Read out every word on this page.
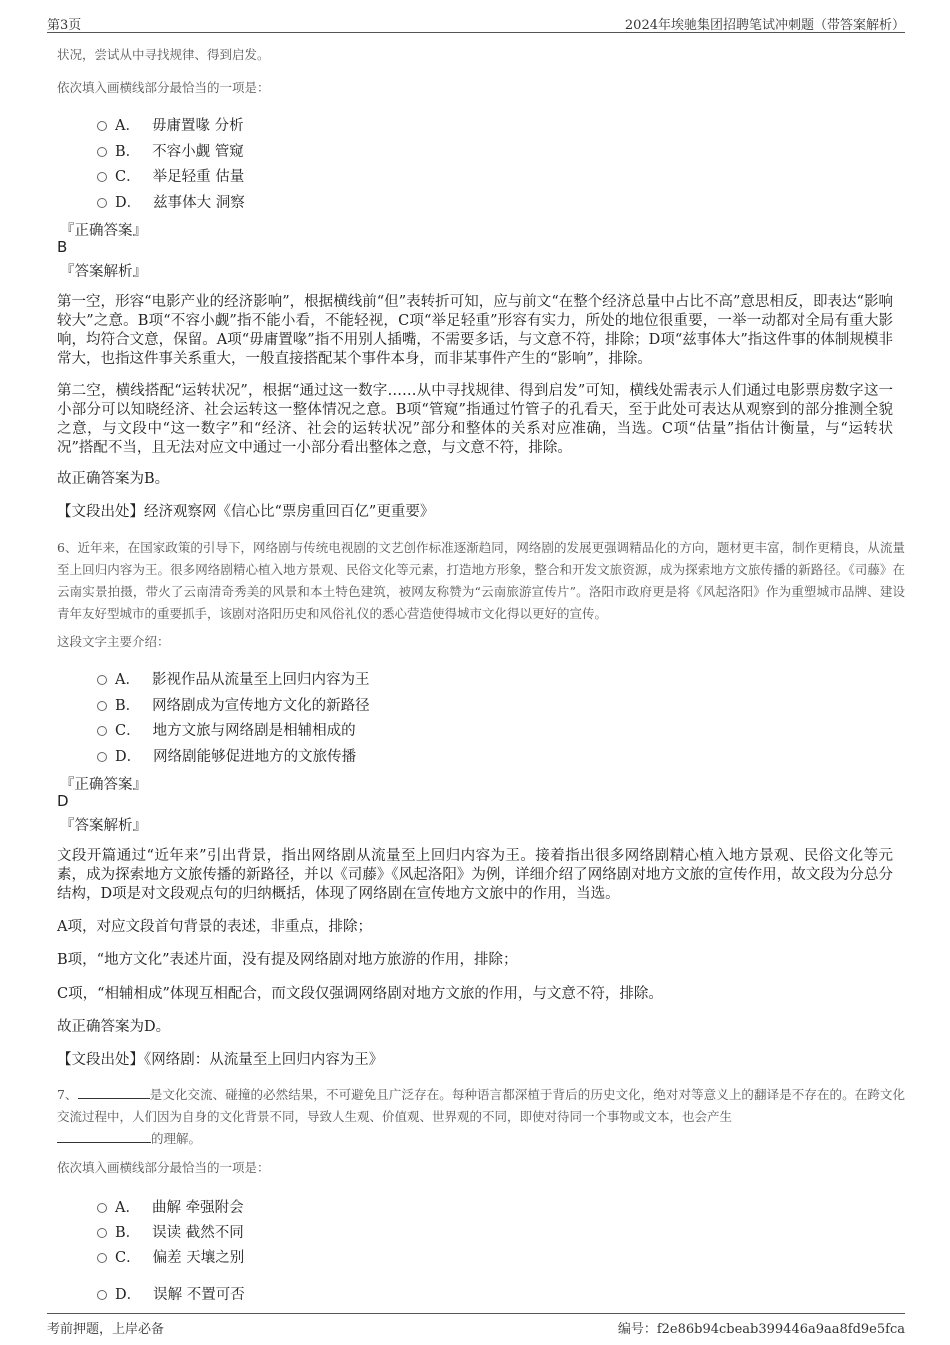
第3页	2024年埃驰集团招聘笔试冲刺题（带答案解析）
状况，尝试从中寻找规律、得到启发。
依次填入画横线部分最恰当的一项是：
A． 毋庸置喙 分析
B． 不容小觑 管窥
C． 举足轻重 估量
D． 兹事体大 洞察
『正确答案』
B
『答案解析』
第一空，形容“电影产业的经济影响”，根据横线前“但”表转折可知，应与前文“在整个经济总量中占比不高”意思相反，即表达“影响较大”之意。B项“不容小觑”指不能小看，不能轻视，C项“举足轻重”形容有实力，所处的地位很重要，一举一动都对全局有重大影响，均符合文意，保留。A项“毋庸置喙”指不用别人插嘴，不需要多话，与文意不符，排除；D项“兹事体大”指这件事的体制规模非常大，也指这件事关系重大，一般直接搭配某个事件本身，而非某事件产生的“影响”，排除。
第二空，横线搭配“运转状况”，根据“通过这一数字……从中寻找规律、得到启发”可知，横线处需表示人们通过电影票房数字这一小部分可以知晓经济、社会运转这一整体情况之意。B项“管窥”指通过竹管子的孔看天，至于此处可表达从观察到的部分推测全貌之意，与文段中“这一数字”和“经济、社会的运转状况”部分和整体的关系对应准确，当选。C项“估量”指估计衡量，与“运转状况”搭配不当，且无法对应文中通过一小部分看出整体之意，与文意不符，排除。
故正确答案为B。
【文段出处】经济观察网《信心比“票房重回百亿”更重要》
6、近年来，在国家政策的引导下，网络剧与传统电视剧的文艺创作标准逐渐趋同，网络剧的发展更强调精品化的方向，题材更丰富，制作更精良，从流量至上回归内容为王。很多网络剧精心植入地方景观、民俗文化等元素，打造地方形象，整合和开发文旅资源，成为探索地方文旅传播的新路径。《司藤》在云南实景拍摄，带火了云南清奇秀美的风景和本土特色建筑，被网友称赞为“云南旅游宣传片”。洛阳市政府更是将《风起洛阳》作为重塑城市品牌、建设青年友好型城市的重要抓手，该剧对洛阳历史和风俗礼仪的悉心营造使得城市文化得以更好的宣传。
这段文字主要介绍：
A． 影视作品从流量至上回归内容为王
B． 网络剧成为宣传地方文化的新路径
C． 地方文旅与网络剧是相辅相成的
D． 网络剧能够促进地方的文旅传播
『正确答案』
D
『答案解析』
文段开篇通过“近年来”引出背景，指出网络剧从流量至上回归内容为王。接着指出很多网络剧精心植入地方景观、民俗文化等元素，成为探索地方文旅传播的新路径，并以《司藤》《风起洛阳》为例，详细介绍了网络剧对地方文旅的宣传作用，故文段为分总分结构，D项是对文段观点句的归纳概括，体现了网络剧在宣传地方文旅中的作用，当选。
A项，对应文段首句背景的表述，非重点，排除；
B项，“地方文化”表述片面，没有提及网络剧对地方旅游的作用，排除；
C项，“相辅相成”体现互相配合，而文段仅强调网络剧对地方文旅的作用，与文意不符，排除。
故正确答案为D。
【文段出处】《网络剧：从流量至上回归内容为王》
7、	是文化交流、碰撞的必然结果，不可避免且广泛存在。每种语言都深植于背后的历史文化，绝对对等意义上的翻译是不存在的。在跨文化交流过程中，人们因为自身的文化背景不同，导致人生观、价值观、世界观的不同，即使对待同一个事物或文本，也会产生
的理解。
依次填入画横线部分最恰当的一项是：
A． 曲解 牵强附会
B． 误读 截然不同
C． 偏差 天壤之别
D． 误解 不置可否
考前押题，上岸必备	编号：f2e86b94cbeab399446a9aa8fd9e5fca
